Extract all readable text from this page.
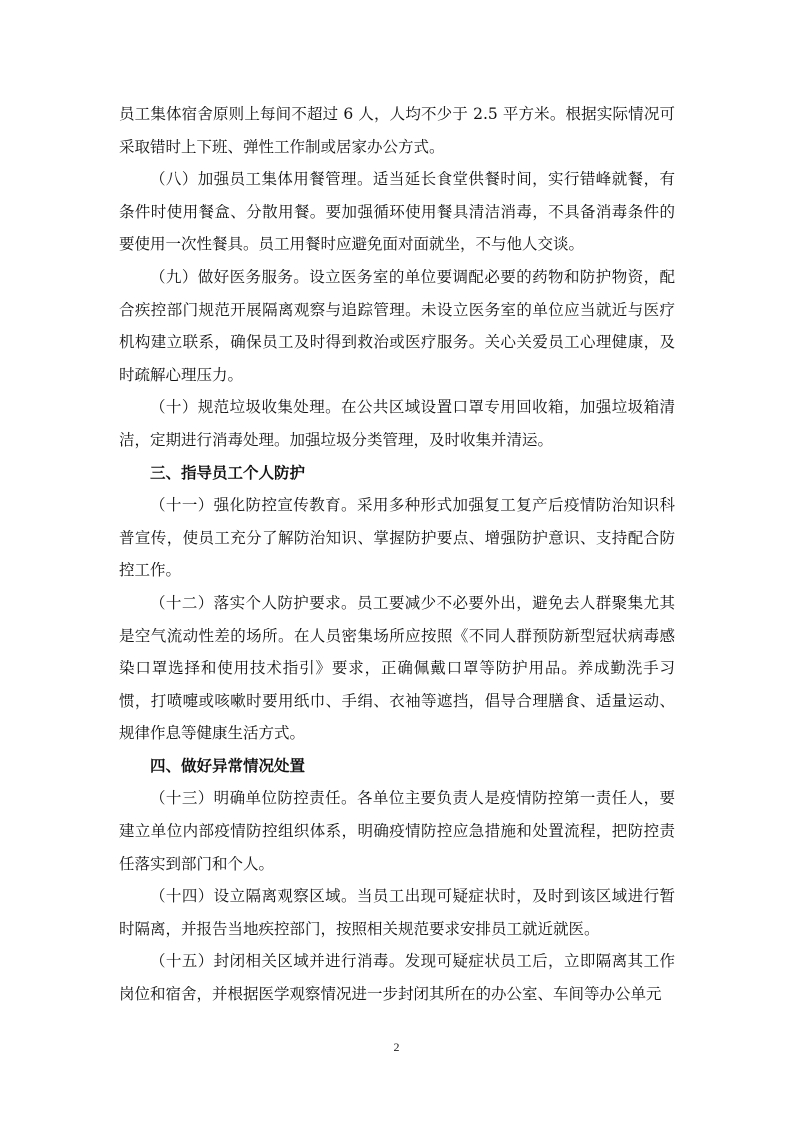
员工集体宿舍原则上每间不超过 6 人，人均不少于 2.5 平方米。根据实际情况可采取错时上下班、弹性工作制或居家办公方式。

（八）加强员工集体用餐管理。适当延长食堂供餐时间，实行错峰就餐，有条件时使用餐盒、分散用餐。要加强循环使用餐具清洁消毒，不具备消毒条件的要使用一次性餐具。员工用餐时应避免面对面就坐，不与他人交谈。

（九）做好医务服务。设立医务室的单位要调配必要的药物和防护物资，配合疾控部门规范开展隔离观察与追踪管理。未设立医务室的单位应当就近与医疗机构建立联系，确保员工及时得到救治或医疗服务。关心关爱员工心理健康，及时疏解心理压力。

（十）规范垃圾收集处理。在公共区域设置口罩专用回收箱，加强垃圾箱清洁，定期进行消毒处理。加强垃圾分类管理，及时收集并清运。

三、指导员工个人防护

（十一）强化防控宣传教育。采用多种形式加强复工复产后疫情防治知识科普宣传，使员工充分了解防治知识、掌握防护要点、增强防护意识、支持配合防控工作。

（十二）落实个人防护要求。员工要减少不必要外出，避免去人群聚集尤其是空气流动性差的场所。在人员密集场所应按照《不同人群预防新型冠状病毒感染口罩选择和使用技术指引》要求，正确佩戴口罩等防护用品。养成勤洗手习惯，打喷嚏或咳嗽时要用纸巾、手绢、衣袖等遮挡，倡导合理膳食、适量运动、规律作息等健康生活方式。

四、做好异常情况处置

（十三）明确单位防控责任。各单位主要负责人是疫情防控第一责任人，要建立单位内部疫情防控组织体系，明确疫情防控应急措施和处置流程，把防控责任落实到部门和个人。

（十四）设立隔离观察区域。当员工出现可疑症状时，及时到该区域进行暂时隔离，并报告当地疾控部门，按照相关规范要求安排员工就近就医。

（十五）封闭相关区域并进行消毒。发现可疑症状员工后，立即隔离其工作岗位和宿舍，并根据医学观察情况进一步封闭其所在的办公室、车间等办公单元

2
